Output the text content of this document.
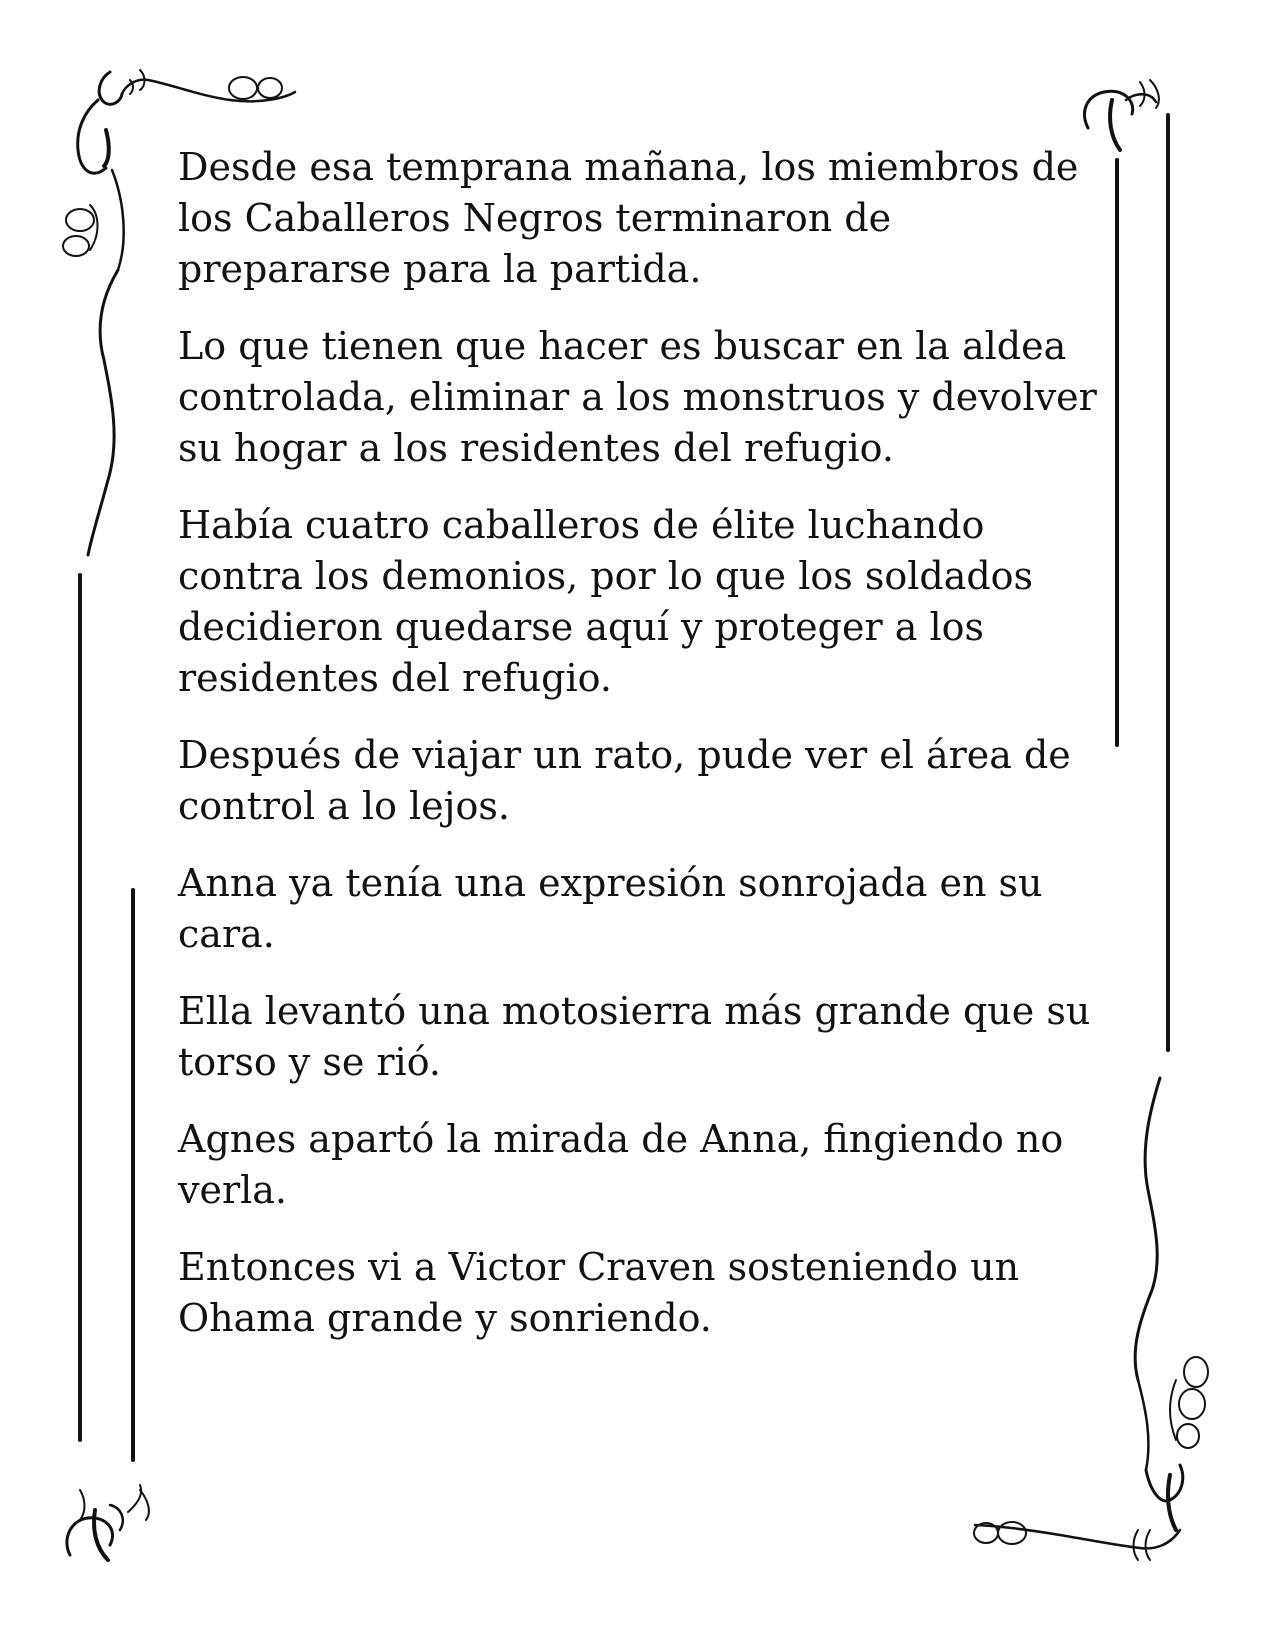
Desde esa temprana mañana, los miembros de los Caballeros Negros terminaron de prepararse para la partida.

Lo que tienen que hacer es buscar en la aldea controlada, eliminar a los monstruos y devolver su hogar a los residentes del refugio.

Había cuatro caballeros de élite luchando contra los demonios, por lo que los soldados decidieron quedarse aquí y proteger a los residentes del refugio.

Después de viajar un rato, pude ver el área de control a lo lejos.

Anna ya tenía una expresión sonrojada en su cara.

Ella levantó una motosierra más grande que su torso y se rió.

Agnes apartó la mirada de Anna, fingiendo no verla.

Entonces vi a Victor Craven sosteniendo un Ohama grande y sonriendo.
